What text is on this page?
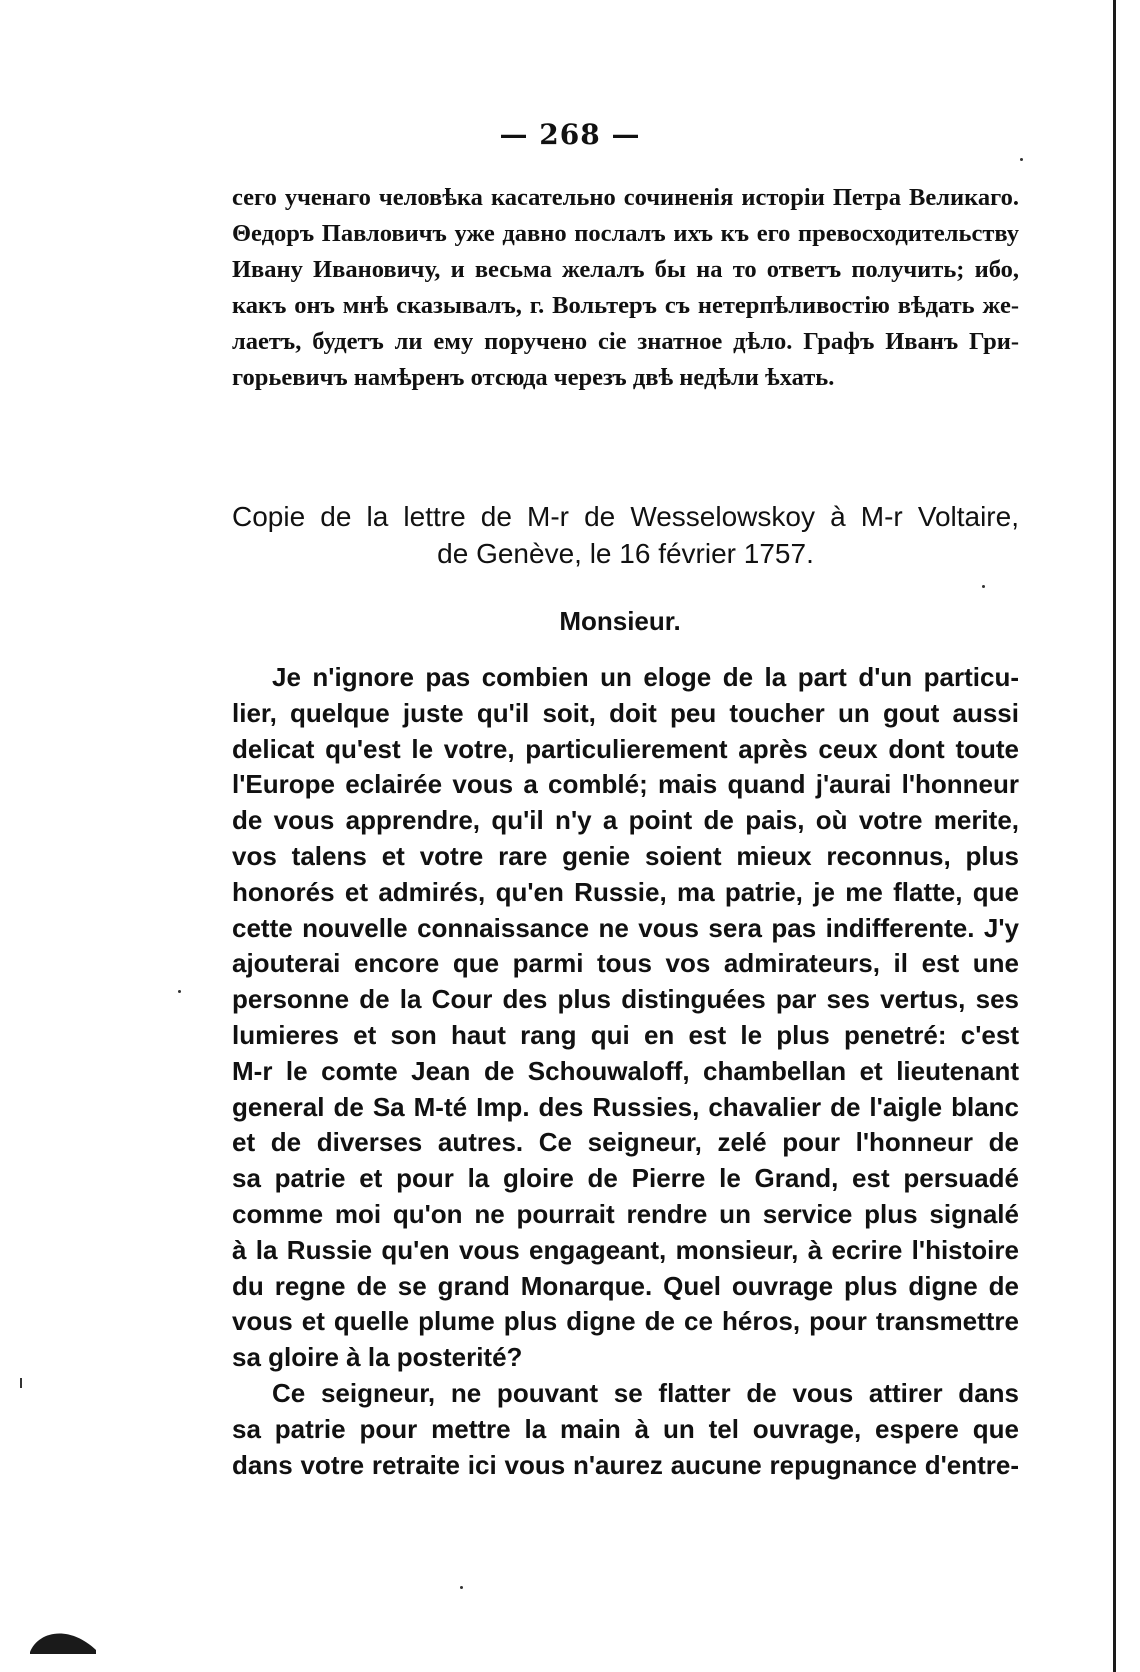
— 268 —
сего ученаго человѣка касательно сочиненія исторіи Петра Великаго.
Θедоръ Павловичъ уже давно послалъ ихъ къ его превосходительству
Ивану Ивановичу, и весьма желалъ бы на то ответъ получить; ибо,
какъ онъ мнѣ сказывалъ, г. Вольтеръ съ нетерпѣливостію вѣдать же-
лаетъ, будетъ ли ему поручено сіе знатное дѣло. Графъ Иванъ Гри-
горьевичъ намѣренъ отсюда черезъ двѣ недѣли ѣхать.
Copie de la lettre de M-r de Wesselowskoy à M-r Voltaire,
de Genève, le 16 février 1757.
Monsieur.
Je n'ignore pas combien un eloge de la part d'un particu-
lier, quelque juste qu'il soit, doit peu toucher un gout aussi
delicat qu'est le votre, particulierement après ceux dont toute
l'Europe eclairée vous a comblé; mais quand j'aurai l'honneur
de vous apprendre, qu'il n'y a point de pais, où votre merite,
vos talens et votre rare genie soient mieux reconnus, plus
honorés et admirés, qu'en Russie, ma patrie, je me flatte, que
cette nouvelle connaissance ne vous sera pas indifferente. J'y
ajouterai encore que parmi tous vos admirateurs, il est une
personne de la Cour des plus distinguées par ses vertus, ses
lumieres et son haut rang qui en est le plus penetré: c'est
M-r le comte Jean de Schouwaloff, chambellan et lieutenant
general de Sa M-té Imp. des Russies, chavalier de l'aigle blanc
et de diverses autres. Ce seigneur, zelé pour l'honneur de
sa patrie et pour la gloire de Pierre le Grand, est persuadé
comme moi qu'on ne pourrait rendre un service plus signalé
à la Russie qu'en vous engageant, monsieur, à ecrire l'histoire
du regne de se grand Monarque. Quel ouvrage plus digne de
vous et quelle plume plus digne de ce héros, pour transmettre
sa gloire à la posterité?
Ce seigneur, ne pouvant se flatter de vous attirer dans
sa patrie pour mettre la main à un tel ouvrage, espere que
dans votre retraite ici vous n'aurez aucune repugnance d'entre-
